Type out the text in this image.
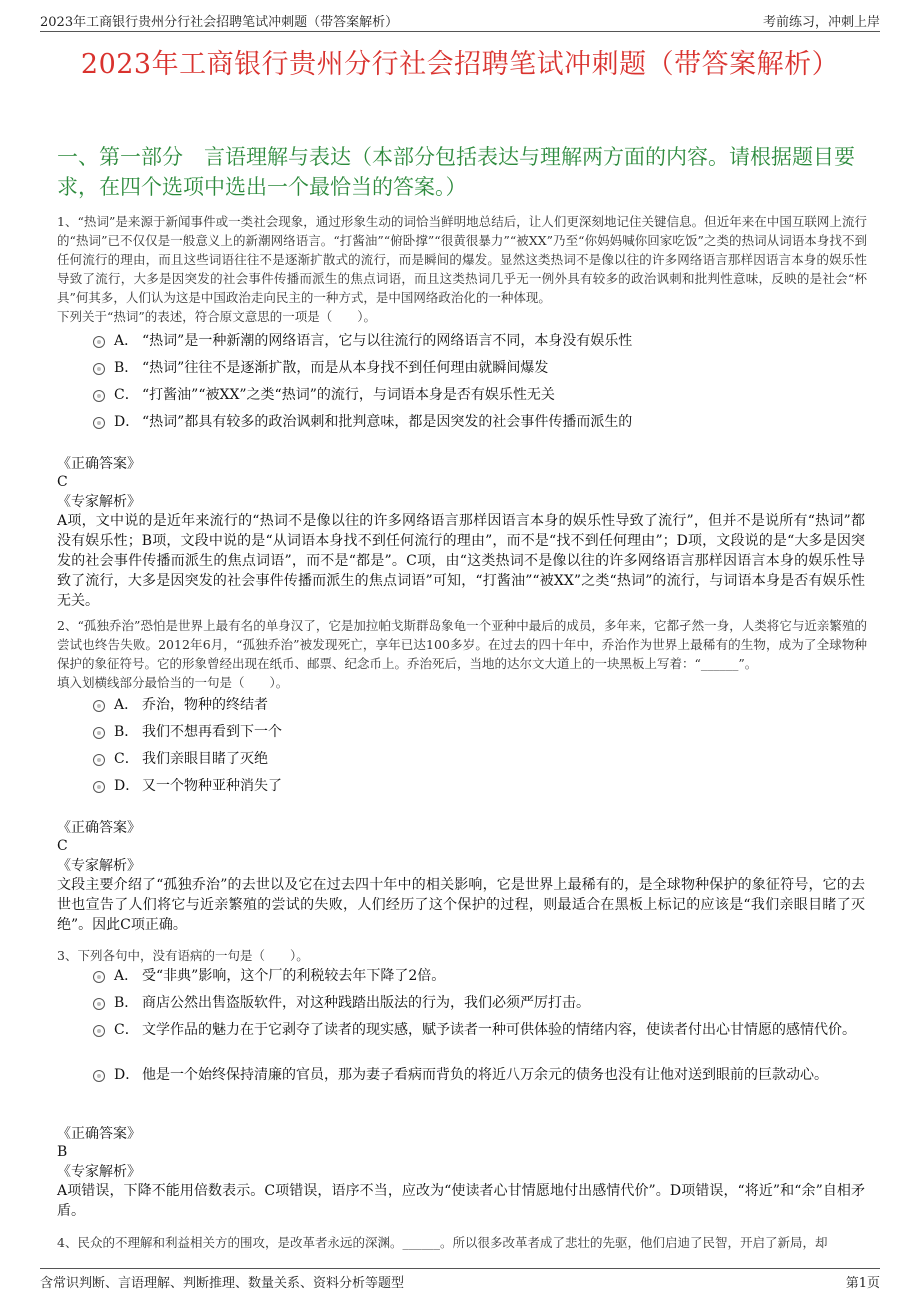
2023年工商银行贵州分行社会招聘笔试冲刺题（带答案解析）	考前练习，冲刺上岸
2023年工商银行贵州分行社会招聘笔试冲刺题（带答案解析）
一、第一部分　言语理解与表达（本部分包括表达与理解两方面的内容。请根据题目要求，在四个选项中选出一个最恰当的答案。）
1、“热词”是来源于新闻事件或一类社会现象，通过形象生动的词恰当鲜明地总结后，让人们更深刻地记住关键信息。但近年来在中国互联网上流行的“热词”已不仅仅是一般意义上的新潮网络语言。“打酱油”“俯卧撑”“很黄很暴力”“被XX”乃至“你妈妈喊你回家吃饭”之类的热词从词语本身找不到任何流行的理由，而且这些词语往往不是逐渐扩散式的流行，而是瞬间的爆发。显然这类热词不是像以往的许多网络语言那样因语言本身的娱乐性导致了流行，大多是因突发的社会事件传播而派生的焦点词语，而且这类热词几乎无一例外具有较多的政治讽刺和批判性意味，反映的是社会“杯具”何其多，人们认为这是中国政治走向民主的一种方式，是中国网络政治化的一种体现。
下列关于“热词”的表述，符合原文意思的一项是（　　）。
A． “热词”是一种新潮的网络语言，它与以往流行的网络语言不同，本身没有娱乐性
B． “热词”往往不是逐渐扩散，而是从本身找不到任何理由就瞬间爆发
C． “打酱油”“被XX”之类“热词”的流行，与词语本身是否有娱乐性无关
D． “热词”都具有较多的政治讽刺和批判意味，都是因突发的社会事件传播而派生的
《正确答案》
C
《专家解析》
A项，文中说的是近年来流行的“热词不是像以往的许多网络语言那样因语言本身的娱乐性导致了流行”，但并不是说所有“热词”都没有娱乐性；B项，文段中说的是“从词语本身找不到任何流行的理由”，而不是“找不到任何理由”；D项，文段说的是“大多是因突发的社会事件传播而派生的焦点词语”，而不是“都是”。C项，由“这类热词不是像以往的许多网络语言那样因语言本身的娱乐性导致了流行，大多是因突发的社会事件传播而派生的焦点词语”可知，“打酱油”“被XX”之类“热词”的流行，与词语本身是否有娱乐性无关。
2、“孤独乔治”恐怕是世界上最有名的单身汉了，它是加拉帕戈斯群岛象龟一个亚种中最后的成员，多年来，它都孑然一身，人类将它与近亲繁殖的尝试也终告失败。2012年6月，“孤独乔治”被发现死亡，享年已达100多岁。在过去的四十年中，乔治作为世界上最稀有的生物，成为了全球物种保护的象征符号。它的形象曾经出现在纸币、邮票、纪念币上。乔治死后，当地的达尔文大道上的一块黑板上写着：“______”。
填入划横线部分最恰当的一句是（　　）。
A． 乔治，物种的终结者
B． 我们不想再看到下一个
C． 我们亲眼目睹了灭绝
D． 又一个物种亚种消失了
《正确答案》
C
《专家解析》
文段主要介绍了“孤独乔治”的去世以及它在过去四十年中的相关影响，它是世界上最稀有的，是全球物种保护的象征符号，它的去世也宣告了人们将它与近亲繁殖的尝试的失败，人们经历了这个保护的过程，则最适合在黑板上标记的应该是“我们亲眼目睹了灭绝”。因此C项正确。
3、下列各句中，没有语病的一句是（　　）。
A． 受“非典”影响，这个厂的利税较去年下降了2倍。
B． 商店公然出售盗版软件，对这种践踏出版法的行为，我们必须严厉打击。
C． 文学作品的魅力在于它剥夺了读者的现实感，赋予读者一种可供体验的情绪内容，使读者付出心甘情愿的感情代价。
D． 他是一个始终保持清廉的官员，那为妻子看病而背负的将近八万余元的债务也没有让他对送到眼前的巨款动心。
《正确答案》
B
《专家解析》
A项错误，下降不能用倍数表示。C项错误，语序不当，应改为“使读者心甘情愿地付出感情代价”。D项错误，“将近”和“余”自相矛盾。
4、民众的不理解和利益相关方的围攻，是改革者永远的深渊。______。所以很多改革者成了悲壮的先驱，他们启迪了民智，开启了新局，却
含常识判断、言语理解、判断推理、数量关系、资料分析等题型	第1页
